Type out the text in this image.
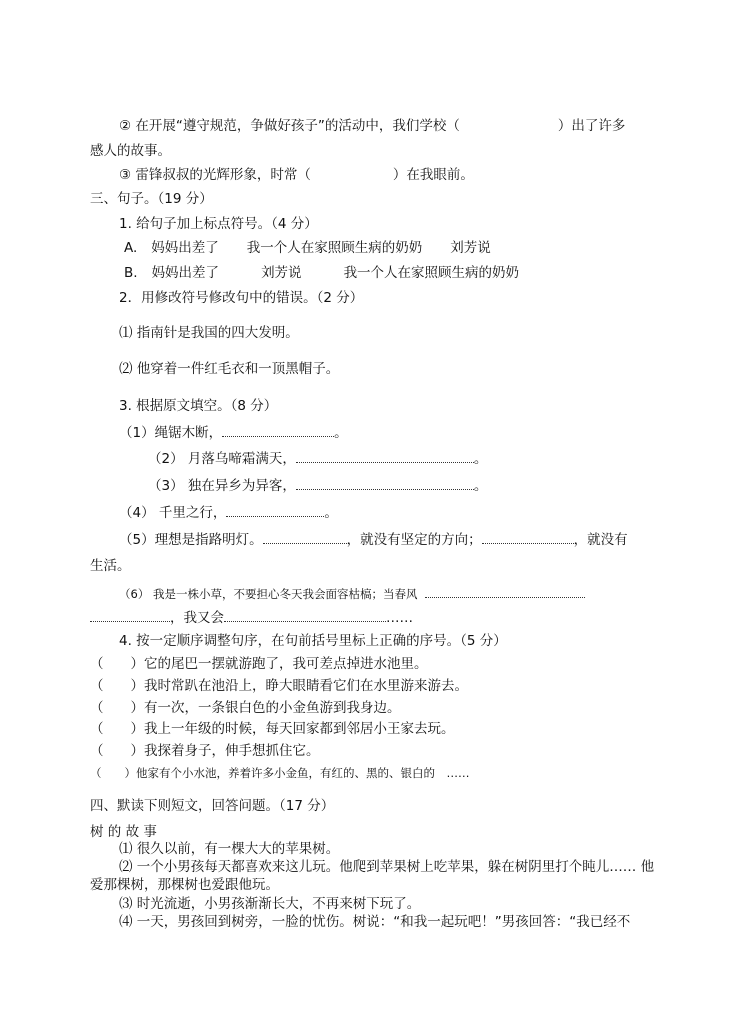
② 在开展“遵守规范，争做好孩子”的活动中，我们学校（	）出了许多
感人的故事。
③ 雷锋叔叔的光辉形象，时常（	）在我眼前。
三、句子。（19 分）
1. 给句子加上标点符号。（4 分）
A. 妈妈出差了 我一个人在家照顾生病的奶奶 刘芳说
B. 妈妈出差了	刘芳说	我一个人在家照顾生病的奶奶
2．用修改符号修改句中的错误。（2 分）
⑴ 指南针是我国的四大发明。
⑵ 他穿着一件红毛衣和一顶黑帽子。
3. 根据原文填空。（8 分）
（1）绳锯木断，	。
（2） 月落乌啼霜满天，	。
（3） 独在异乡为异客，	。
（4） 千里之行，	。
（5）理想是指路明灯。	，就没有坚定的方向；	，就没有
生活。
（6） 我是一株小草，不要担心冬天我会面容枯槁；当春风
，我又会	……
4. 按一定顺序调整句序，在句前括号里标上正确的序号。（5 分）
（　　）它的尾巴一摆就游跑了，我可差点掉进水池里。
（　　）我时常趴在池沿上，睁大眼睛看它们在水里游来游去。
（　　）有一次，一条银白色的小金鱼游到我身边。
（　　）我上一年级的时候，每天回家都到邻居小王家去玩。
（　　）我探着身子，伸手想抓住它。
（　　）他家有个小水池，养着许多小金鱼，有红的、黑的、银白的　……
四、默读下则短文，回答问题。（17 分）
树 的 故 事
⑴ 很久以前，有一棵大大的苹果树。
⑵ 一个小男孩每天都喜欢来这儿玩。他爬到苹果树上吃苹果，躲在树阴里打个盹儿…… 他
爱那棵树，那棵树也爱跟他玩。
⑶ 时光流逝，小男孩渐渐长大，不再来树下玩了。
⑷ 一天，男孩回到树旁，一脸的忧伤。树说：“和我一起玩吧！”男孩回答：“我已经不
